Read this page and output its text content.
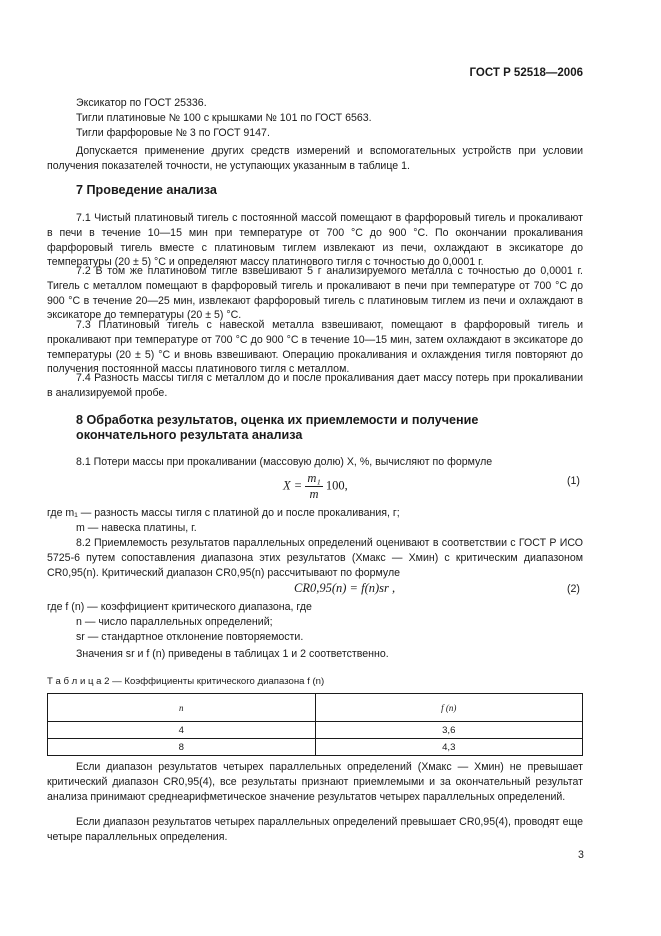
ГОСТ Р 52518—2006
Эксикатор по ГОСТ 25336.
Тигли платиновые № 100 с крышками № 101 по ГОСТ 6563.
Тигли фарфоровые № 3 по ГОСТ 9147.
Допускается применение других средств измерений и вспомогательных устройств при условии получения показателей точности, не уступающих указанным в таблице 1.
7 Проведение анализа
7.1 Чистый платиновый тигель с постоянной массой помещают в фарфоровый тигель и прокаливают в печи в течение 10—15 мин при температуре от 700 °С до 900 °С. По окончании прокаливания фарфоровый тигель вместе с платиновым тиглем извлекают из печи, охлаждают в эксикаторе до температуры (20 ± 5) °С и определяют массу платинового тигля с точностью до 0,0001 г.
7.2 В том же платиновом тигле взвешивают 5 г анализируемого металла с точностью до 0,0001 г. Тигель с металлом помещают в фарфоровый тигель и прокаливают в печи при температуре от 700 °С до 900 °С в течение 20—25 мин, извлекают фарфоровый тигель с платиновым тиглем из печи и охлаждают в эксикаторе до температуры (20 ± 5) °С.
7.3 Платиновый тигель с навеской металла взвешивают, помещают в фарфоровый тигель и прокаливают при температуре от 700 °С до 900 °С в течение 10—15 мин, затем охлаждают в эксикаторе до температуры (20 ± 5) °С и вновь взвешивают. Операцию прокаливания и охлаждения тигля повторяют до получения постоянной массы платинового тигля с металлом.
7.4 Разность массы тигля с металлом до и после прокаливания дает массу потерь при прокаливании в анализируемой пробе.
8 Обработка результатов, оценка их приемлемости и получение окончательного результата анализа
8.1 Потери массы при прокаливании (массовую долю) X, %, вычисляют по формуле
$X = \frac{\text{m₁}}{m} 100$,	(1)
где m₁ — разность массы тигля с платиной до и после прокаливания, г;
m — навеска платины, г.
8.2 Приемлемость результатов параллельных определений оценивают в соответствии с ГОСТ Р ИСО 5725-6 путем сопоставления диапазона этих результатов (Xмакс — Xмин) с критическим диапазоном CR0,95(n). Критический диапазон CR0,95(n) рассчитывают по формуле
CR0,95(n) = f(n)sr ,	(2)
где f (n) — коэффициент критического диапазона, где
n — число параллельных определений;
sr — стандартное отклонение повторяемости.
Значения sr и f (n) приведены в таблицах 1 и 2 соответственно.
Т а б л и ц а 2 — Коэффициенты критического диапазона f (n)
n	f (n)
4	3,6
8	4,3
Если диапазон результатов четырех параллельных определений (Xмакс — Xмин) не превышает критический диапазон CR0,95(4), все результаты признают приемлемыми и за окончательный результат анализа принимают среднеарифметическое значение результатов четырех параллельных определений.
Если диапазон результатов четырех параллельных определений превышает CR0,95(4), проводят еще четыре параллельных определения.
3
